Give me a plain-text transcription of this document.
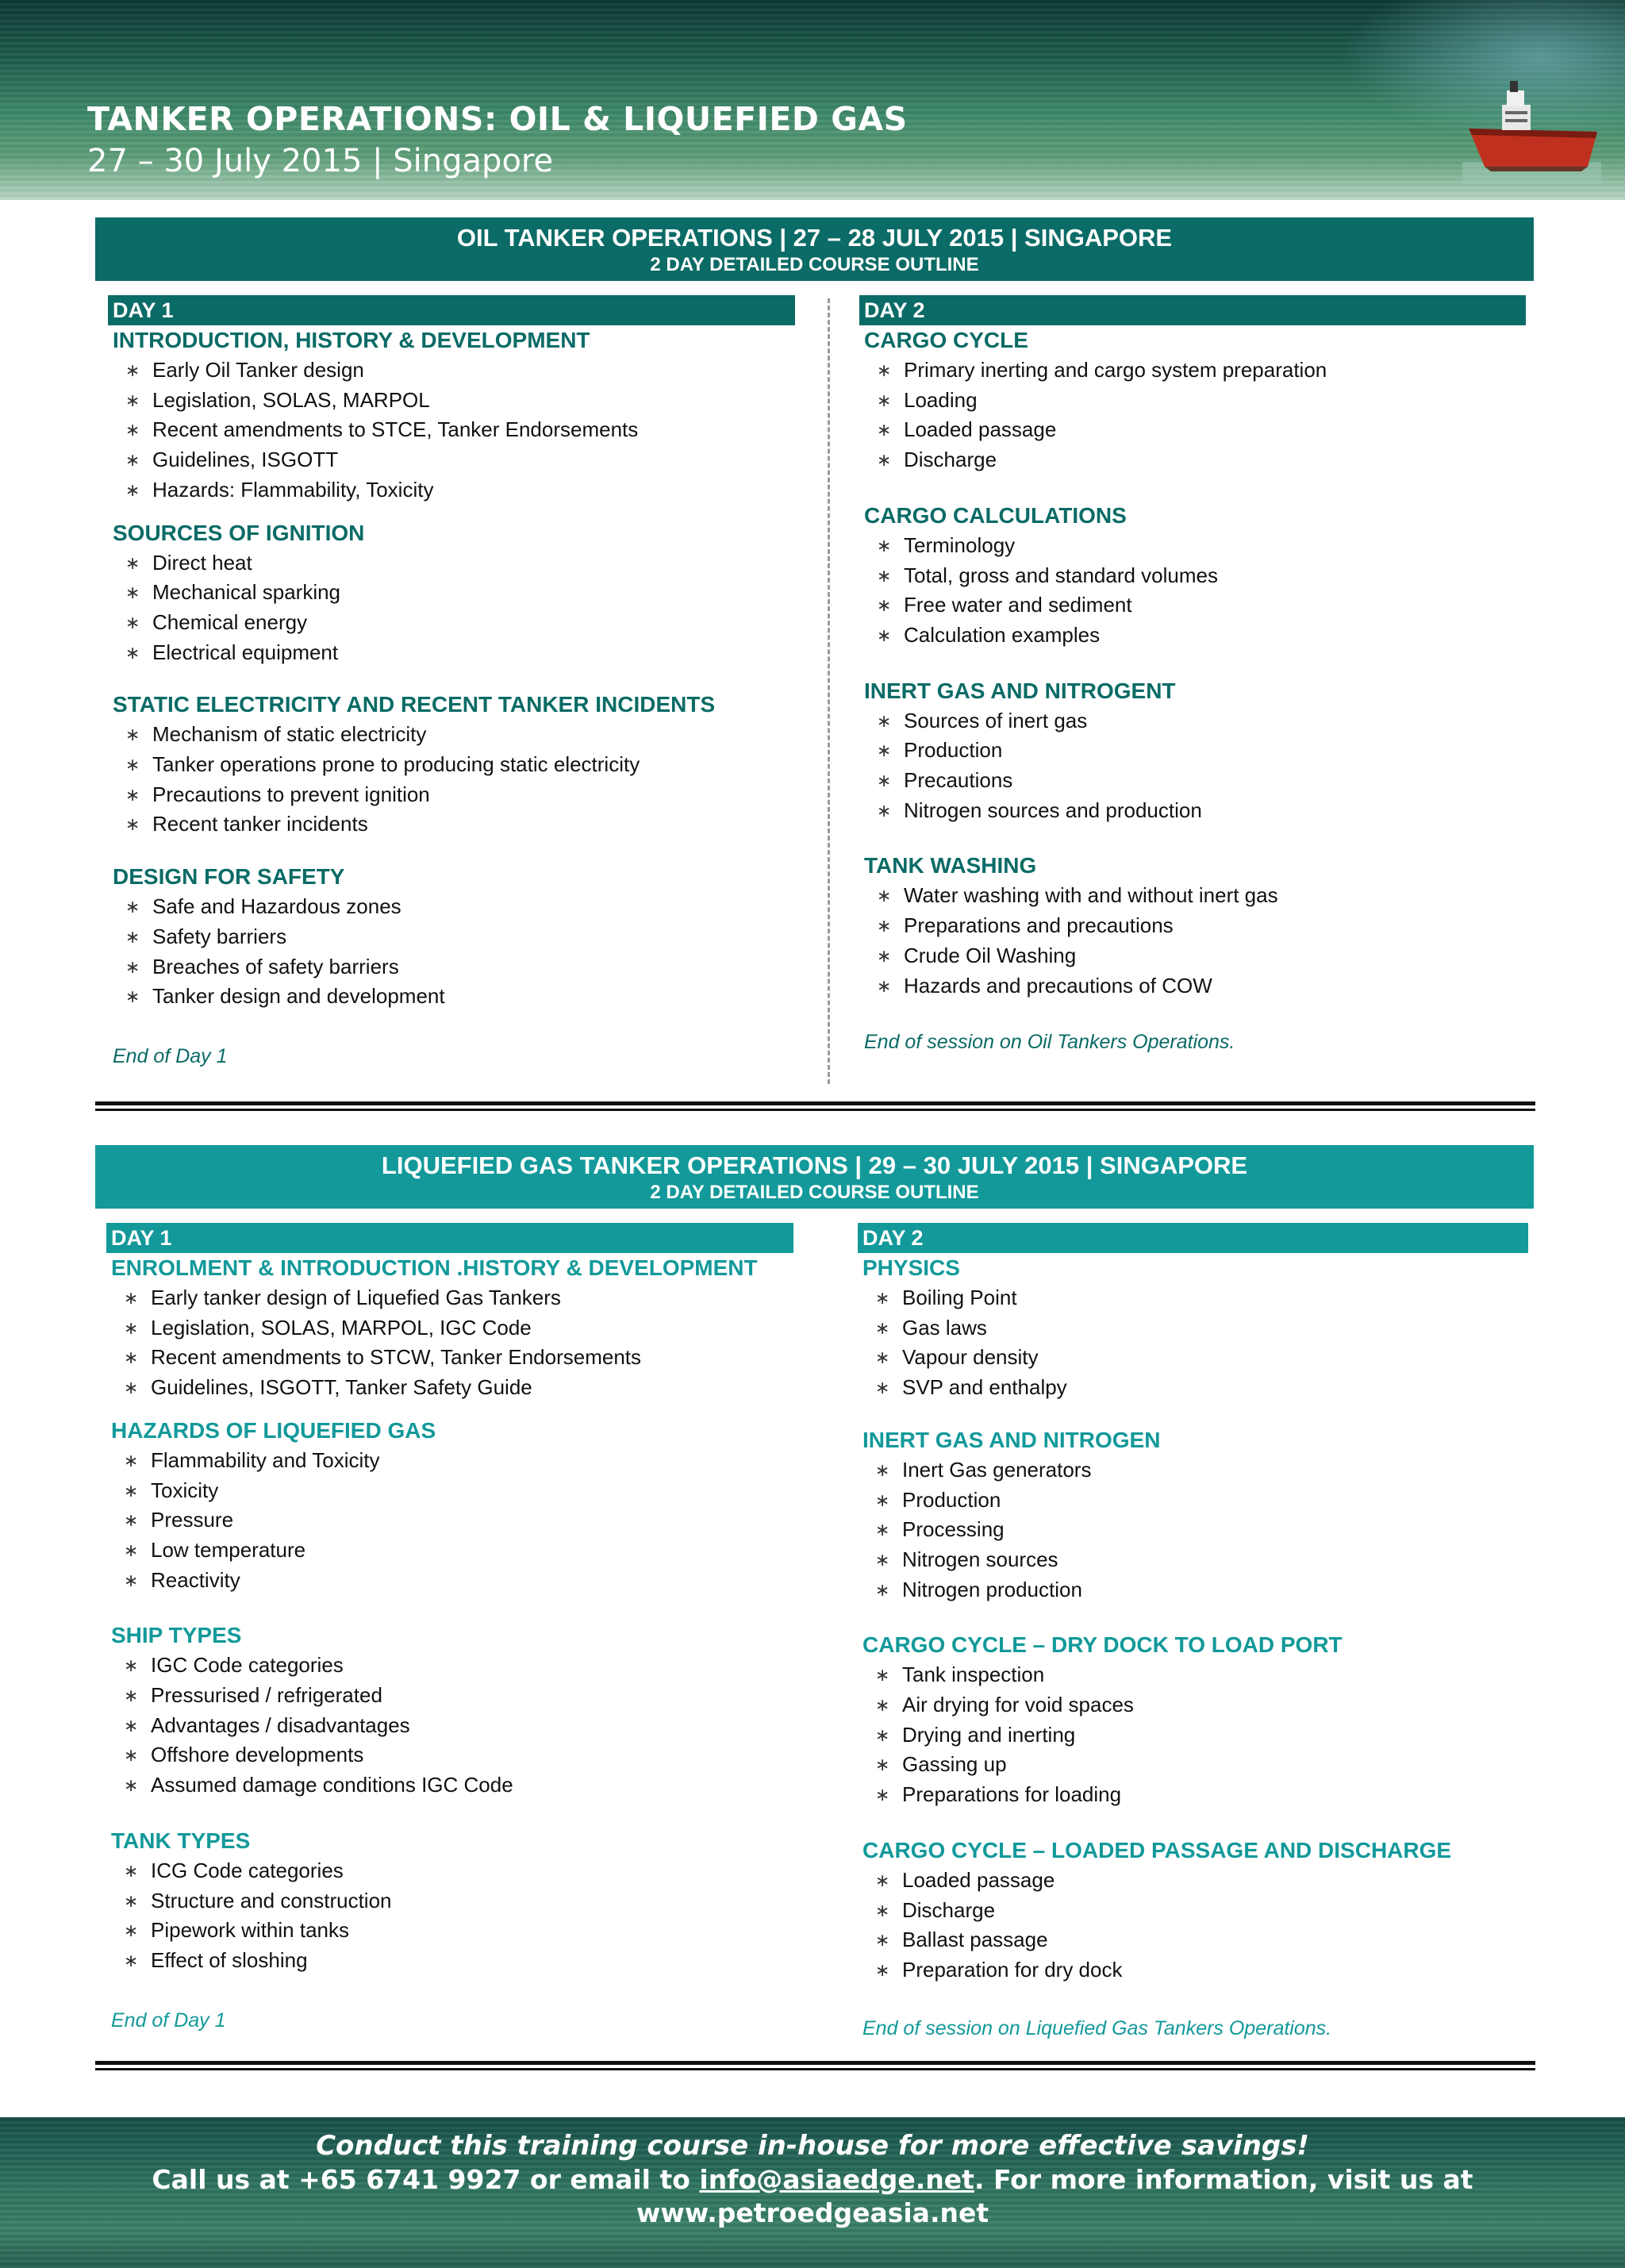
TANKER OPERATIONS: OIL & LIQUEFIED GAS
27 – 30 July 2015 | Singapore
OIL TANKER OPERATIONS | 27 – 28 JULY 2015 | SINGAPORE
2 DAY DETAILED COURSE OUTLINE
DAY 1
INTRODUCTION, HISTORY & DEVELOPMENT
∗ Early Oil Tanker design
∗ Legislation, SOLAS, MARPOL
∗ Recent amendments to STCE, Tanker Endorsements
∗ Guidelines, ISGOTT
∗ Hazards: Flammability, Toxicity
SOURCES OF IGNITION
∗ Direct heat
∗ Mechanical sparking
∗ Chemical energy
∗ Electrical equipment
STATIC ELECTRICITY AND RECENT TANKER INCIDENTS
∗ Mechanism of static electricity
∗ Tanker operations prone to producing static electricity
∗ Precautions to prevent ignition
∗ Recent tanker incidents
DESIGN FOR SAFETY
∗ Safe and Hazardous zones
∗ Safety barriers
∗ Breaches of safety barriers
∗ Tanker design and development
End of Day 1
DAY 2
CARGO CYCLE
∗ Primary inerting and cargo system preparation
∗ Loading
∗ Loaded passage
∗ Discharge
CARGO CALCULATIONS
∗ Terminology
∗ Total, gross and standard volumes
∗ Free water and sediment
∗ Calculation examples
INERT GAS AND NITROGENT
∗ Sources of inert gas
∗ Production
∗ Precautions
∗ Nitrogen sources and production
TANK WASHING
∗ Water washing with and without inert gas
∗ Preparations and precautions
∗ Crude Oil Washing
∗ Hazards and precautions of COW
End of session on Oil Tankers Operations.
LIQUEFIED GAS TANKER OPERATIONS | 29 – 30 JULY 2015 | SINGAPORE
2 DAY DETAILED COURSE OUTLINE
DAY 1
ENROLMENT & INTRODUCTION .HISTORY & DEVELOPMENT
∗ Early tanker design of Liquefied Gas Tankers
∗ Legislation, SOLAS, MARPOL, IGC Code
∗ Recent amendments to STCW, Tanker Endorsements
∗ Guidelines, ISGOTT, Tanker Safety Guide
HAZARDS OF LIQUEFIED GAS
∗ Flammability and Toxicity
∗ Toxicity
∗ Pressure
∗ Low temperature
∗ Reactivity
SHIP TYPES
∗ IGC Code categories
∗ Pressurised / refrigerated
∗ Advantages / disadvantages
∗ Offshore developments
∗ Assumed damage conditions IGC Code
TANK TYPES
∗ ICG Code categories
∗ Structure and construction
∗ Pipework within tanks
∗ Effect of sloshing
End of Day 1
DAY 2
PHYSICS
∗ Boiling Point
∗ Gas laws
∗ Vapour density
∗ SVP and enthalpy
INERT GAS AND NITROGEN
∗ Inert Gas generators
∗ Production
∗ Processing
∗ Nitrogen sources
∗ Nitrogen production
CARGO CYCLE – DRY DOCK TO LOAD PORT
∗ Tank inspection
∗ Air drying for void spaces
∗ Drying and inerting
∗ Gassing up
∗ Preparations for loading
CARGO CYCLE – LOADED PASSAGE AND DISCHARGE
∗ Loaded passage
∗ Discharge
∗ Ballast passage
∗ Preparation for dry dock
End of session on Liquefied Gas Tankers Operations.
Conduct this training course in-house for more effective savings!
Call us at +65 6741 9927 or email to info@asiaedge.net. For more information, visit us at
www.petroedgeasia.net
